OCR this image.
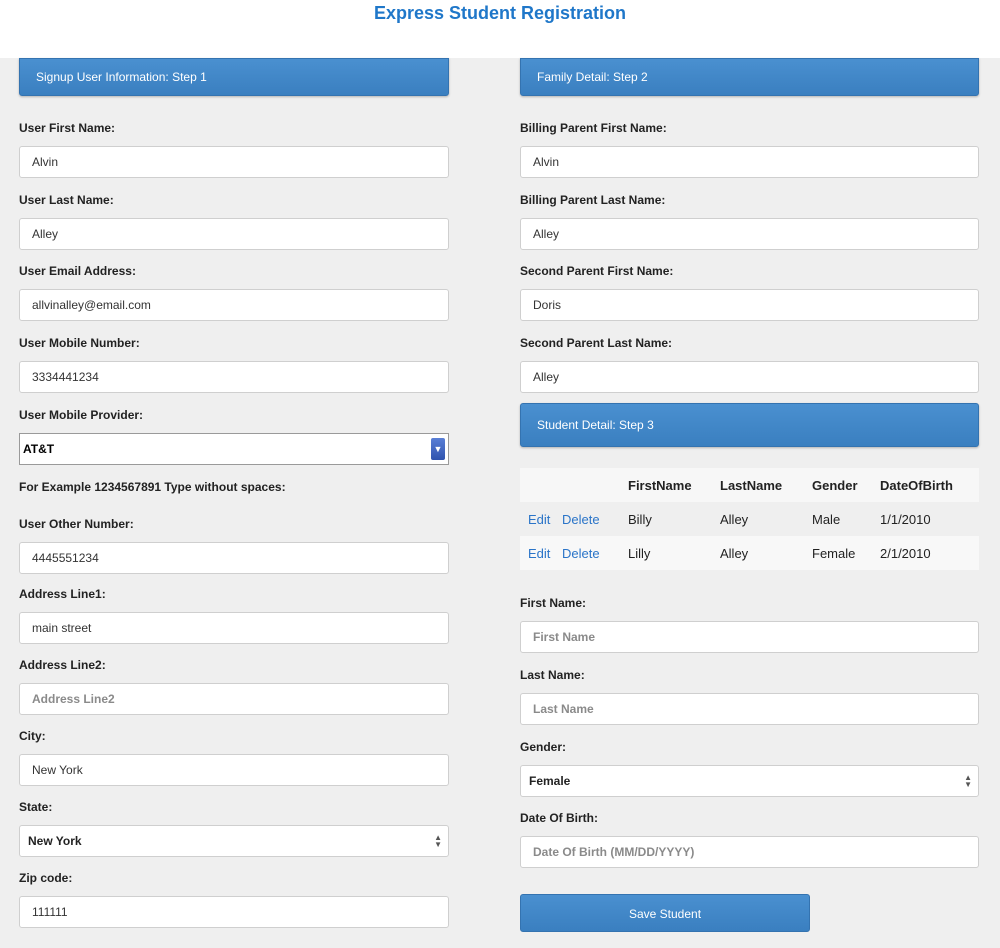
Express Student Registration
Signup User Information: Step 1
User First Name:
Alvin
User Last Name:
Alley
User Email Address:
allvinalley@email.com
User Mobile Number:
3334441234
User Mobile Provider:
AT&T	▼
For Example 1234567891 Type without spaces:
User Other Number:
4445551234
Address Line1:
main street
Address Line2:
Address Line2
City:
New York
State:
New York	▲
▼
Zip code:
111111
Family Detail: Step 2
Billing Parent First Name:
Alvin
Billing Parent Last Name:
Alley
Second Parent First Name:
Doris
Second Parent Last Name:
Alley
Student Detail: Step 3
		FirstName	LastName	Gender	DateOfBirth
Edit	Delete	Billy	Alley	Male	1/1/2010
Edit	Delete	Lilly	Alley	Female	2/1/2010
First Name:
First Name
Last Name:
Last Name
Gender:
Female	▲
▼
Date Of Birth:
Date Of Birth (MM/DD/YYYY)
Save Student
